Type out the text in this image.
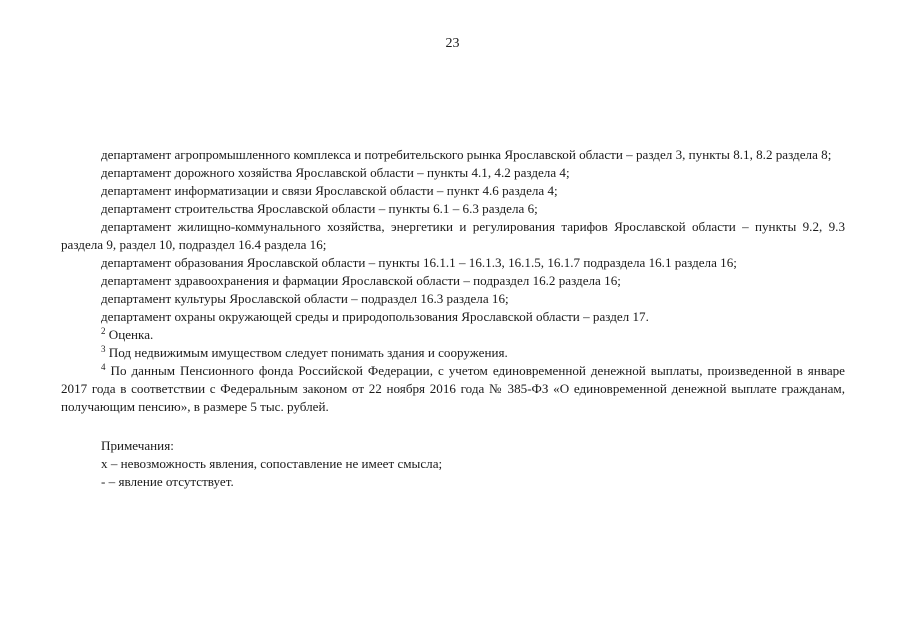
23

департамент агропромышленного комплекса и потребительского рынка Ярославской области – раздел 3, пункты 8.1, 8.2 раздела 8;

департамент дорожного хозяйства Ярославской области – пункты 4.1, 4.2 раздела 4;

департамент информатизации и связи Ярославской области – пункт 4.6 раздела 4;

департамент строительства Ярославской области – пункты 6.1 – 6.3 раздела 6;

департамент жилищно-коммунального хозяйства, энергетики и регулирования тарифов Ярославской области – пункты 9.2, 9.3 раздела 9, раздел 10, подраздел 16.4 раздела 16;

департамент образования Ярославской области – пункты 16.1.1 – 16.1.3, 16.1.5, 16.1.7 подраздела 16.1 раздела 16;

департамент здравоохранения и фармации Ярославской области – подраздел 16.2 раздела 16;

департамент культуры Ярославской области – подраздел 16.3 раздела 16;

департамент охраны окружающей среды и природопользования Ярославской области – раздел 17.

$^2$ Оценка.

$^3$ Под недвижимым имуществом следует понимать здания и сооружения.

$^4$ По данным Пенсионного фонда Российской Федерации, с учетом единовременной денежной выплаты, произведенной в январе 2017 года в соответствии с Федеральным законом от 22 ноября 2016 года № 385-ФЗ «О единовременной денежной выплате гражданам, получающим пенсию», в размере 5 тыс. рублей.

Примечания:

х – невозможность явления, сопоставление не имеет смысла;

- – явление отсутствует.
